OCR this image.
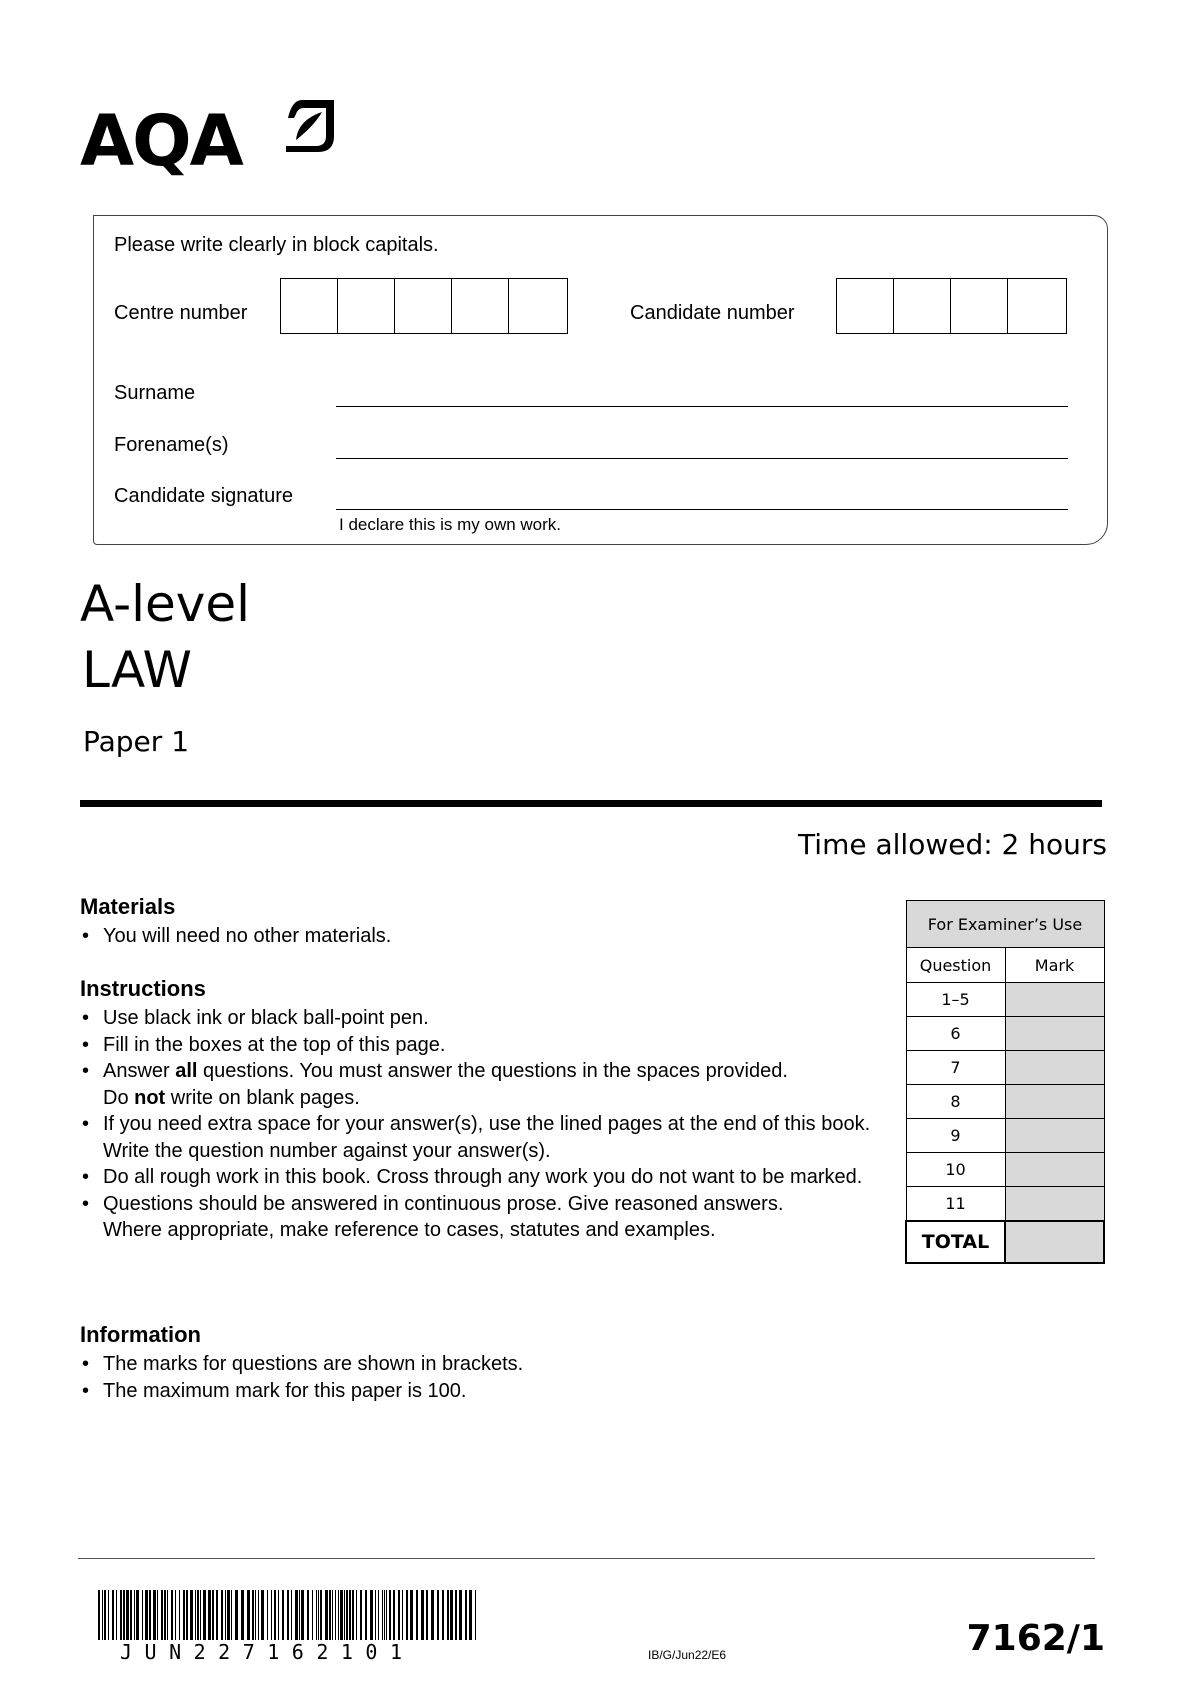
AQA
Please write clearly in block capitals.
Centre number	Candidate number
Surname
Forename(s)
Candidate signature
I declare this is my own work.
A-level
LAW
Paper 1
Time allowed: 2 hours
Materials
• You will need no other materials.
Instructions
• Use black ink or black ball-point pen.
• Fill in the boxes at the top of this page.
• Answer all questions. You must answer the questions in the spaces provided. Do not write on blank pages.
• If you need extra space for your answer(s), use the lined pages at the end of this book. Write the question number against your answer(s).
• Do all rough work in this book. Cross through any work you do not want to be marked.
• Questions should be answered in continuous prose. Give reasoned answers. Where appropriate, make reference to cases, statutes and examples.
Information
• The marks for questions are shown in brackets.
• The maximum mark for this paper is 100.
For Examiner’s Use	
Question	Mark
1–5	
6	
7	
8	
9	
10	
11	
TOTAL	
JUN227162101	IB/G/Jun22/E6	7162/1
